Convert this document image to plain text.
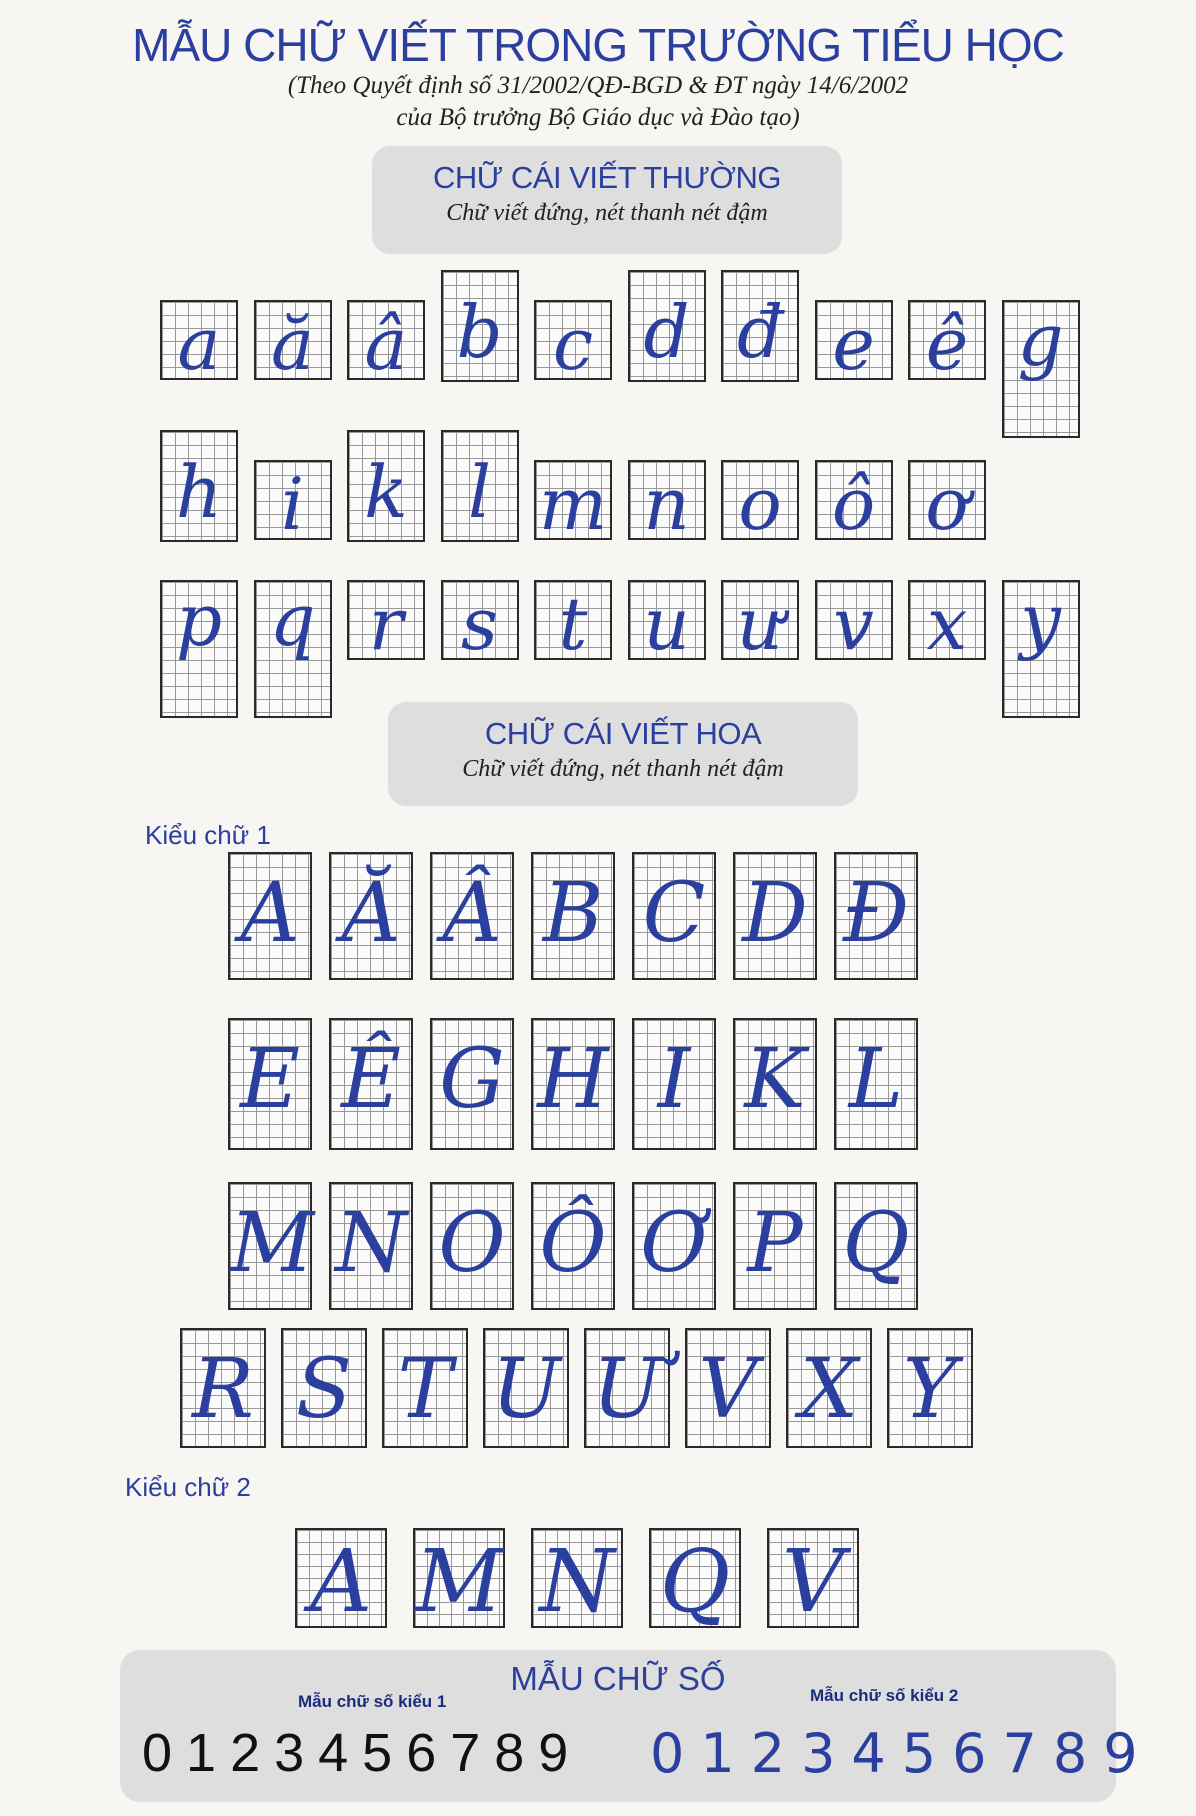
MẪU CHỮ VIẾT TRONG TRƯỜNG TIỂU HỌC
(Theo Quyết định số 31/2002/QĐ-BGD & ĐT ngày 14/6/2002
của Bộ trưởng Bộ Giáo dục và Đào tạo)
CHỮ CÁI VIẾT THƯỜNG
Chữ viết đứng, nét thanh nét đậm
a ă â b c d đ e ê g
h i k l m n o ô ơ
p q r s t u ư v x y
CHỮ CÁI VIẾT HOA
Chữ viết đứng, nét thanh nét đậm
Kiểu chữ 1
A Ă Â B C D Đ
E Ê G H I K L
M N O Ô Ơ P Q
R S T U Ư V X Y
Kiểu chữ 2
A M N Q V
MẪU CHỮ SỐ
Mẫu chữ số kiểu 1	Mẫu chữ số kiểu 2
0123456789 0123456789
